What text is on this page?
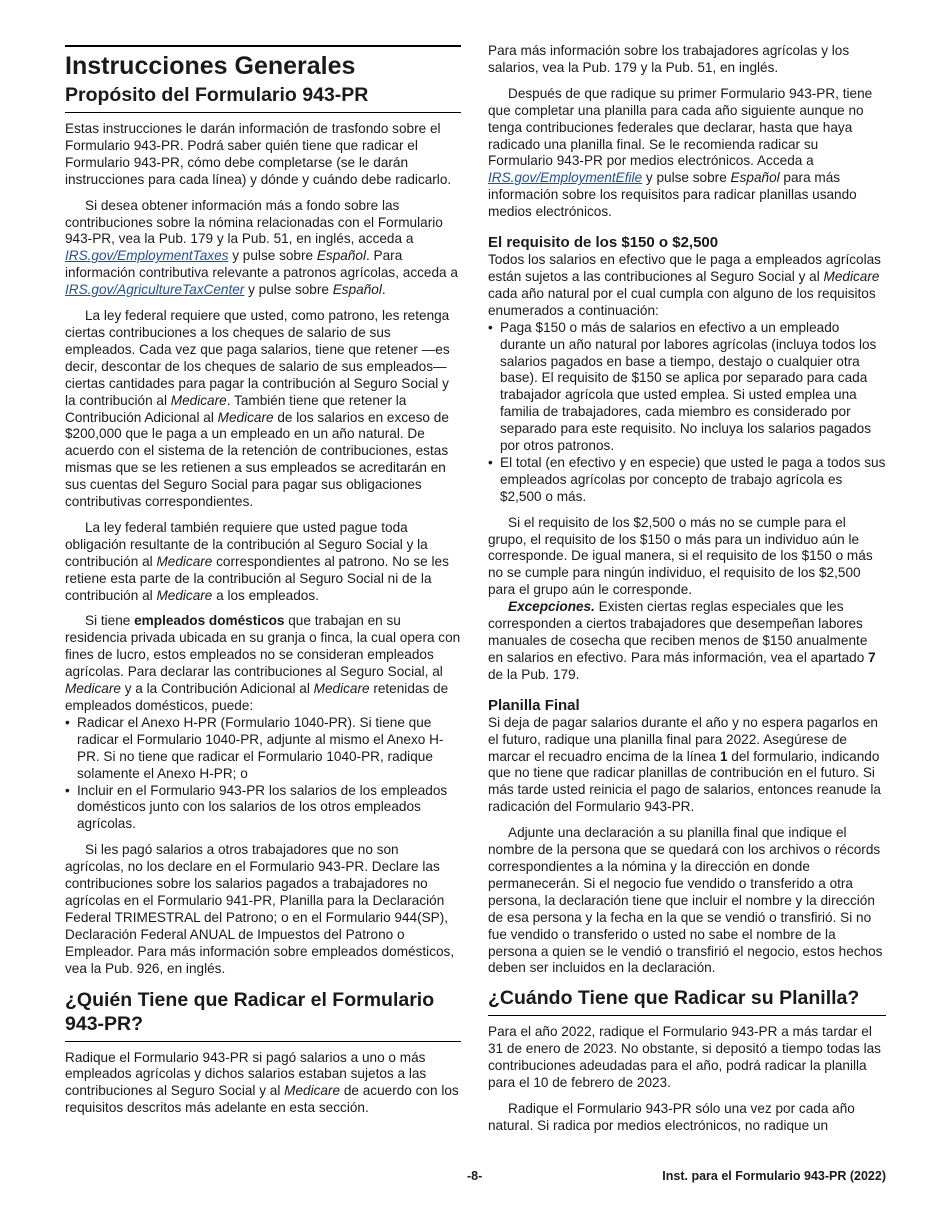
Instrucciones Generales
Propósito del Formulario 943-PR

Estas instrucciones le darán información de trasfondo sobre el Formulario 943-PR. Podrá saber quién tiene que radicar el Formulario 943-PR, cómo debe completarse (se le darán instrucciones para cada línea) y dónde y cuándo debe radicarlo.

Si desea obtener información más a fondo sobre las contribuciones sobre la nómina relacionadas con el Formulario 943-PR, vea la Pub. 179 y la Pub. 51, en inglés, acceda a IRS.gov/EmploymentTaxes y pulse sobre Español. Para información contributiva relevante a patronos agrícolas, acceda a IRS.gov/AgricultureTaxCenter y pulse sobre Español.

La ley federal requiere que usted, como patrono, les retenga ciertas contribuciones a los cheques de salario de sus empleados. Cada vez que paga salarios, tiene que retener —es decir, descontar de los cheques de salario de sus empleados— ciertas cantidades para pagar la contribución al Seguro Social y la contribución al Medicare. También tiene que retener la Contribución Adicional al Medicare de los salarios en exceso de $200,000 que le paga a un empleado en un año natural. De acuerdo con el sistema de la retención de contribuciones, estas mismas que se les retienen a sus empleados se acreditarán en sus cuentas del Seguro Social para pagar sus obligaciones contributivas correspondientes.

La ley federal también requiere que usted pague toda obligación resultante de la contribución al Seguro Social y la contribución al Medicare correspondientes al patrono. No se les retiene esta parte de la contribución al Seguro Social ni de la contribución al Medicare a los empleados.

Si tiene empleados domésticos que trabajan en su residencia privada ubicada en su granja o finca, la cual opera con fines de lucro, estos empleados no se consideran empleados agrícolas. Para declarar las contribuciones al Seguro Social, al Medicare y a la Contribución Adicional al Medicare retenidas de empleados domésticos, puede:

• Radicar el Anexo H-PR (Formulario 1040-PR). Si tiene que radicar el Formulario 1040-PR, adjunte al mismo el Anexo H-PR. Si no tiene que radicar el Formulario 1040-PR, radique solamente el Anexo H-PR; o

• Incluir en el Formulario 943-PR los salarios de los empleados domésticos junto con los salarios de los otros empleados agrícolas.

Si les pagó salarios a otros trabajadores que no son agrícolas, no los declare en el Formulario 943-PR. Declare las contribuciones sobre los salarios pagados a trabajadores no agrícolas en el Formulario 941-PR, Planilla para la Declaración Federal TRIMESTRAL del Patrono; o en el Formulario 944(SP), Declaración Federal ANUAL de Impuestos del Patrono o Empleador. Para más información sobre empleados domésticos, vea la Pub. 926, en inglés.

¿Quién Tiene que Radicar el Formulario 943-PR?

Radique el Formulario 943-PR si pagó salarios a uno o más empleados agrícolas y dichos salarios estaban sujetos a las contribuciones al Seguro Social y al Medicare de acuerdo con los requisitos descritos más adelante en esta sección.

Para más información sobre los trabajadores agrícolas y los salarios, vea la Pub. 179 y la Pub. 51, en inglés.

Después de que radique su primer Formulario 943-PR, tiene que completar una planilla para cada año siguiente aunque no tenga contribuciones federales que declarar, hasta que haya radicado una planilla final. Se le recomienda radicar su Formulario 943-PR por medios electrónicos. Acceda a IRS.gov/EmploymentEfile y pulse sobre Español para más información sobre los requisitos para radicar planillas usando medios electrónicos.

El requisito de los $150 o $2,500

Todos los salarios en efectivo que le paga a empleados agrícolas están sujetos a las contribuciones al Seguro Social y al Medicare cada año natural por el cual cumpla con alguno de los requisitos enumerados a continuación:

• Paga $150 o más de salarios en efectivo a un empleado durante un año natural por labores agrícolas (incluya todos los salarios pagados en base a tiempo, destajo o cualquier otra base). El requisito de $150 se aplica por separado para cada trabajador agrícola que usted emplea. Si usted emplea una familia de trabajadores, cada miembro es considerado por separado para este requisito. No incluya los salarios pagados por otros patronos.

• El total (en efectivo y en especie) que usted le paga a todos sus empleados agrícolas por concepto de trabajo agrícola es $2,500 o más.

Si el requisito de los $2,500 o más no se cumple para el grupo, el requisito de los $150 o más para un individuo aún le corresponde. De igual manera, si el requisito de los $150 o más no se cumple para ningún individuo, el requisito de los $2,500 para el grupo aún le corresponde.

Excepciones. Existen ciertas reglas especiales que les corresponden a ciertos trabajadores que desempeñan labores manuales de cosecha que reciben menos de $150 anualmente en salarios en efectivo. Para más información, vea el apartado 7 de la Pub. 179.

Planilla Final

Si deja de pagar salarios durante el año y no espera pagarlos en el futuro, radique una planilla final para 2022. Asegúrese de marcar el recuadro encima de la línea 1 del formulario, indicando que no tiene que radicar planillas de contribución en el futuro. Si más tarde usted reinicia el pago de salarios, entonces reanude la radicación del Formulario 943-PR.

Adjunte una declaración a su planilla final que indique el nombre de la persona que se quedará con los archivos o récords correspondientes a la nómina y la dirección en donde permanecerán. Si el negocio fue vendido o transferido a otra persona, la declaración tiene que incluir el nombre y la dirección de esa persona y la fecha en la que se vendió o transfirió. Si no fue vendido o transferido o usted no sabe el nombre de la persona a quien se le vendió o transfirió el negocio, estos hechos deben ser incluidos en la declaración.

¿Cuándo Tiene que Radicar su Planilla?

Para el año 2022, radique el Formulario 943-PR a más tardar el 31 de enero de 2023. No obstante, si depositó a tiempo todas las contribuciones adeudadas para el año, podrá radicar la planilla para el 10 de febrero de 2023.

Radique el Formulario 943-PR sólo una vez por cada año natural. Si radica por medios electrónicos, no radique un

-8-	Inst. para el Formulario 943-PR (2022)
